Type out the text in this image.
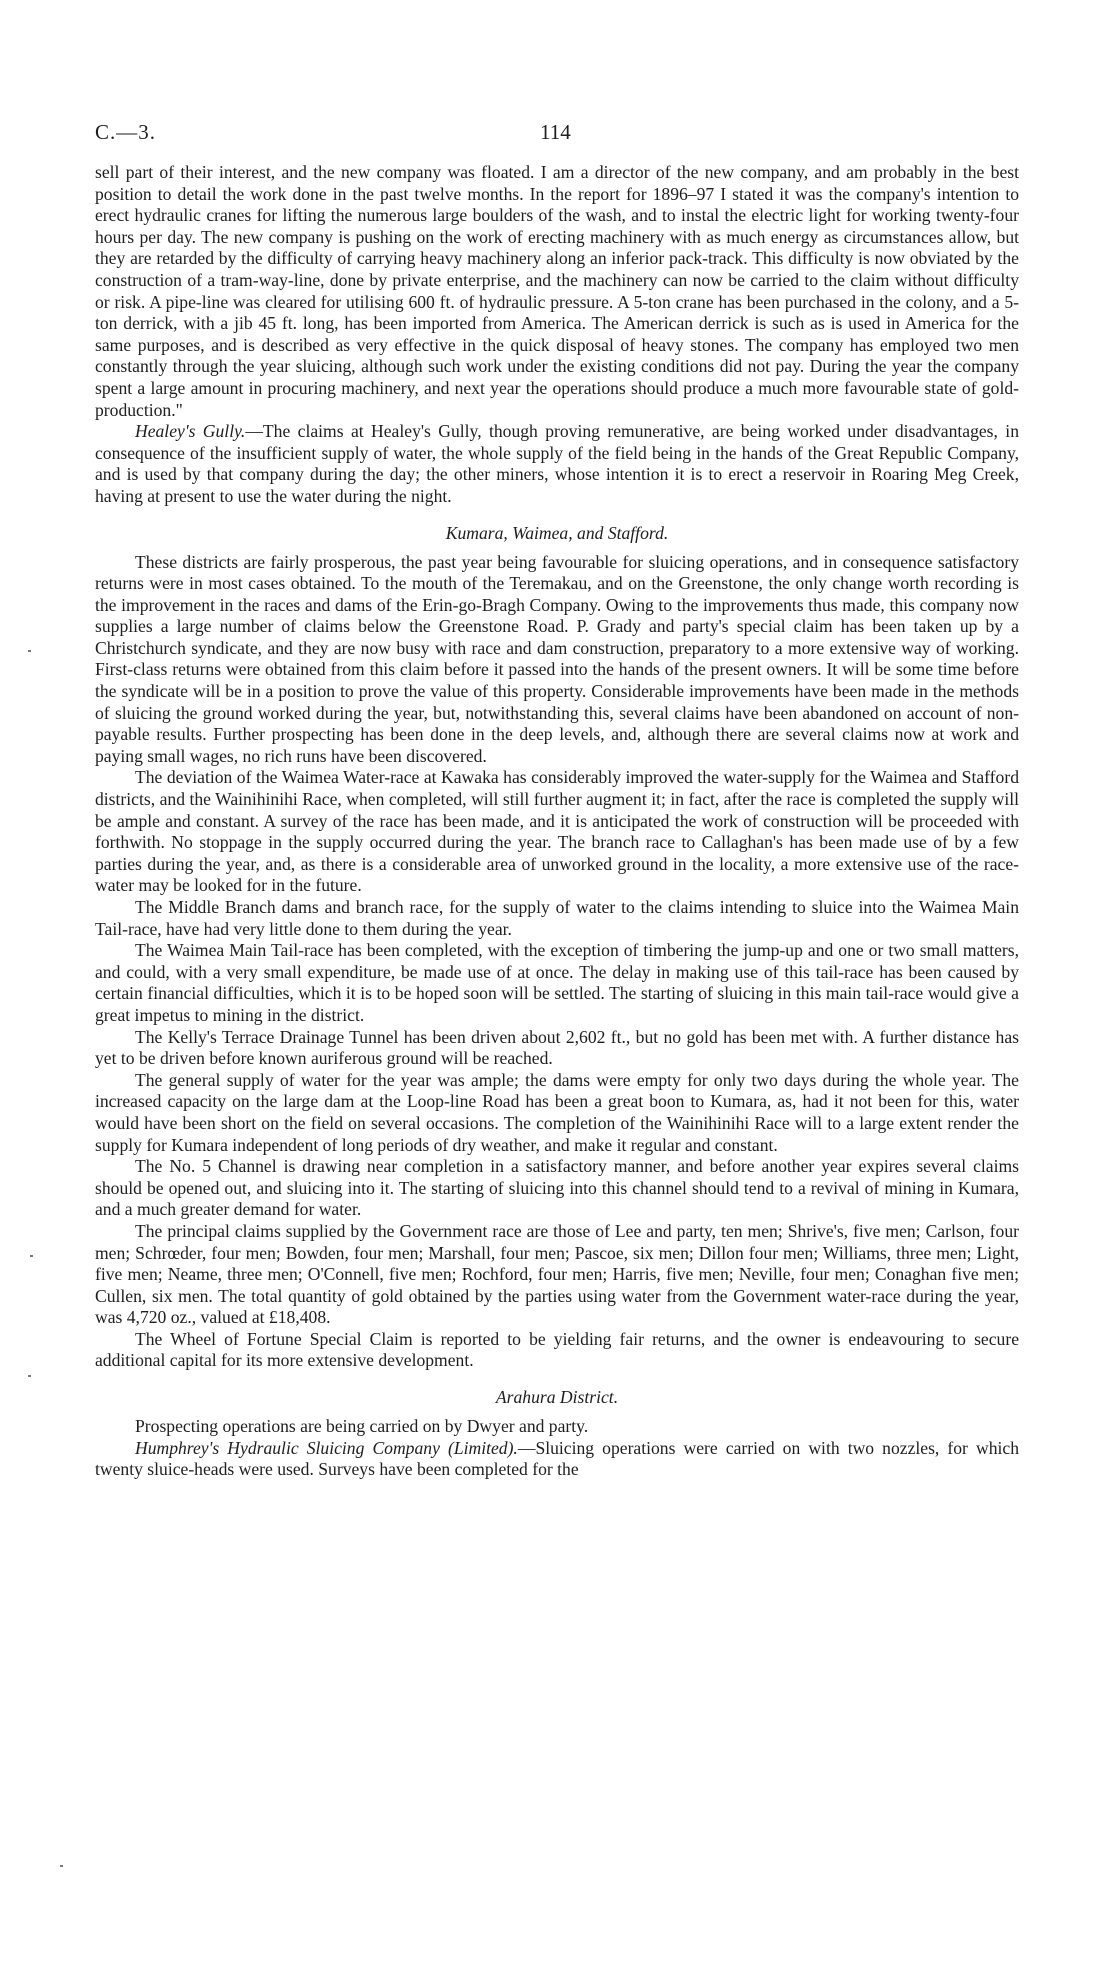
C.—3.	114

sell part of their interest, and the new company was floated. I am a director of the new company, and am probably in the best position to detail the work done in the past twelve months. In the report for 1896–97 I stated it was the company's intention to erect hydraulic cranes for lifting the numerous large boulders of the wash, and to instal the electric light for working twenty-four hours per day. The new company is pushing on the work of erecting machinery with as much energy as circumstances allow, but they are retarded by the difficulty of carrying heavy machinery along an inferior pack-track. This difficulty is now obviated by the construction of a tram-way-line, done by private enterprise, and the machinery can now be carried to the claim without difficulty or risk. A pipe-line was cleared for utilising 600 ft. of hydraulic pressure. A 5-ton crane has been purchased in the colony, and a 5-ton derrick, with a jib 45 ft. long, has been imported from America. The American derrick is such as is used in America for the same purposes, and is described as very effective in the quick disposal of heavy stones. The company has employed two men constantly through the year sluicing, although such work under the existing conditions did not pay. During the year the company spent a large amount in procuring machinery, and next year the operations should produce a much more favourable state of gold-production."

Healey's Gully.—The claims at Healey's Gully, though proving remunerative, are being worked under disadvantages, in consequence of the insufficient supply of water, the whole supply of the field being in the hands of the Great Republic Company, and is used by that company during the day; the other miners, whose intention it is to erect a reservoir in Roaring Meg Creek, having at present to use the water during the night.

Kumara, Waimea, and Stafford.

These districts are fairly prosperous, the past year being favourable for sluicing operations, and in consequence satisfactory returns were in most cases obtained. To the mouth of the Teremakau, and on the Greenstone, the only change worth recording is the improvement in the races and dams of the Erin-go-Bragh Company. Owing to the improvements thus made, this company now supplies a large number of claims below the Greenstone Road. P. Grady and party's special claim has been taken up by a Christchurch syndicate, and they are now busy with race and dam construction, preparatory to a more extensive way of working. First-class returns were obtained from this claim before it passed into the hands of the present owners. It will be some time before the syndicate will be in a position to prove the value of this property. Considerable improvements have been made in the methods of sluicing the ground worked during the year, but, notwithstanding this, several claims have been abandoned on account of non-payable results. Further prospecting has been done in the deep levels, and, although there are several claims now at work and paying small wages, no rich runs have been discovered.

The deviation of the Waimea Water-race at Kawaka has considerably improved the water-supply for the Waimea and Stafford districts, and the Wainihinihi Race, when completed, will still further augment it; in fact, after the race is completed the supply will be ample and constant. A survey of the race has been made, and it is anticipated the work of construction will be proceeded with forthwith. No stoppage in the supply occurred during the year. The branch race to Callaghan's has been made use of by a few parties during the year, and, as there is a considerable area of unworked ground in the locality, a more extensive use of the race-water may be looked for in the future.

The Middle Branch dams and branch race, for the supply of water to the claims intending to sluice into the Waimea Main Tail-race, have had very little done to them during the year.

The Waimea Main Tail-race has been completed, with the exception of timbering the jump-up and one or two small matters, and could, with a very small expenditure, be made use of at once. The delay in making use of this tail-race has been caused by certain financial difficulties, which it is to be hoped soon will be settled. The starting of sluicing in this main tail-race would give a great impetus to mining in the district.

The Kelly's Terrace Drainage Tunnel has been driven about 2,602 ft., but no gold has been met with. A further distance has yet to be driven before known auriferous ground will be reached.

The general supply of water for the year was ample; the dams were empty for only two days during the whole year. The increased capacity on the large dam at the Loop-line Road has been a great boon to Kumara, as, had it not been for this, water would have been short on the field on several occasions. The completion of the Wainihinihi Race will to a large extent render the supply for Kumara independent of long periods of dry weather, and make it regular and constant.

The No. 5 Channel is drawing near completion in a satisfactory manner, and before another year expires several claims should be opened out, and sluicing into it. The starting of sluicing into this channel should tend to a revival of mining in Kumara, and a much greater demand for water.

The principal claims supplied by the Government race are those of Lee and party, ten men; Shrive's, five men; Carlson, four men; Schrœder, four men; Bowden, four men; Marshall, four men; Pascoe, six men; Dillon four men; Williams, three men; Light, five men; Neame, three men; O'Connell, five men; Rochford, four men; Harris, five men; Neville, four men; Conaghan five men; Cullen, six men. The total quantity of gold obtained by the parties using water from the Government water-race during the year, was 4,720 oz., valued at £18,408.

The Wheel of Fortune Special Claim is reported to be yielding fair returns, and the owner is endeavouring to secure additional capital for its more extensive development.

Arahura District.

Prospecting operations are being carried on by Dwyer and party.

Humphrey's Hydraulic Sluicing Company (Limited).—Sluicing operations were carried on with two nozzles, for which twenty sluice-heads were used. Surveys have been completed for the
